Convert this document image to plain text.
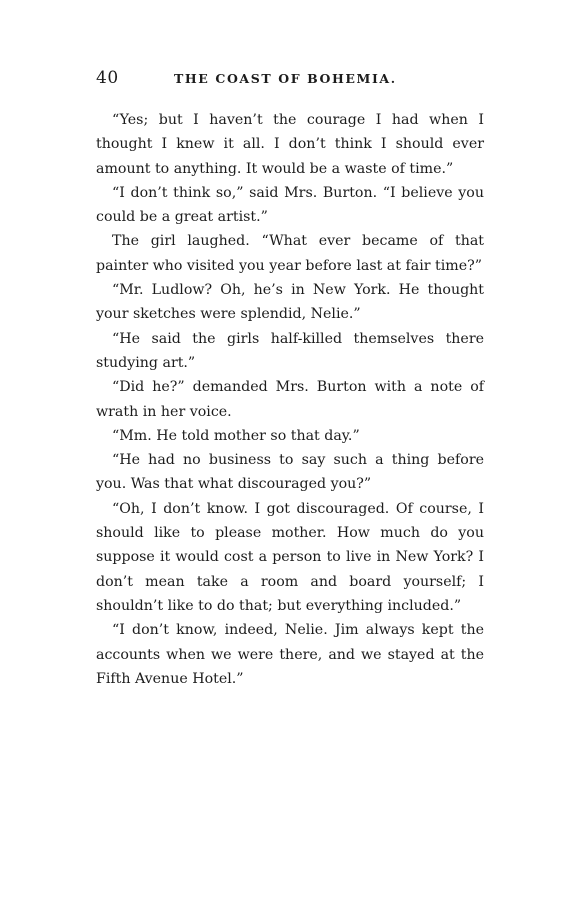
40	THE COAST OF BOHEMIA.

“Yes; but I haven’t the courage I had when I thought I knew it all. I don’t think I should ever amount to anything. It would be a waste of time.”

“I don’t think so,” said Mrs. Burton. “I believe you could be a great artist.”

The girl laughed. “What ever became of that painter who visited you year before last at fair time?”

“Mr. Ludlow? Oh, he’s in New York. He thought your sketches were splendid, Nelie.”

“He said the girls half-killed themselves there studying art.”

“Did he?” demanded Mrs. Burton with a note of wrath in her voice.

“Mm. He told mother so that day.”

“He had no business to say such a thing before you. Was that what discouraged you?”

“Oh, I don’t know. I got discouraged. Of course, I should like to please mother. How much do you suppose it would cost a person to live in New York? I don’t mean take a room and board yourself; I shouldn’t like to do that; but everything included.”

“I don’t know, indeed, Nelie. Jim always kept the accounts when we were there, and we stayed at the Fifth Avenue Hotel.”
